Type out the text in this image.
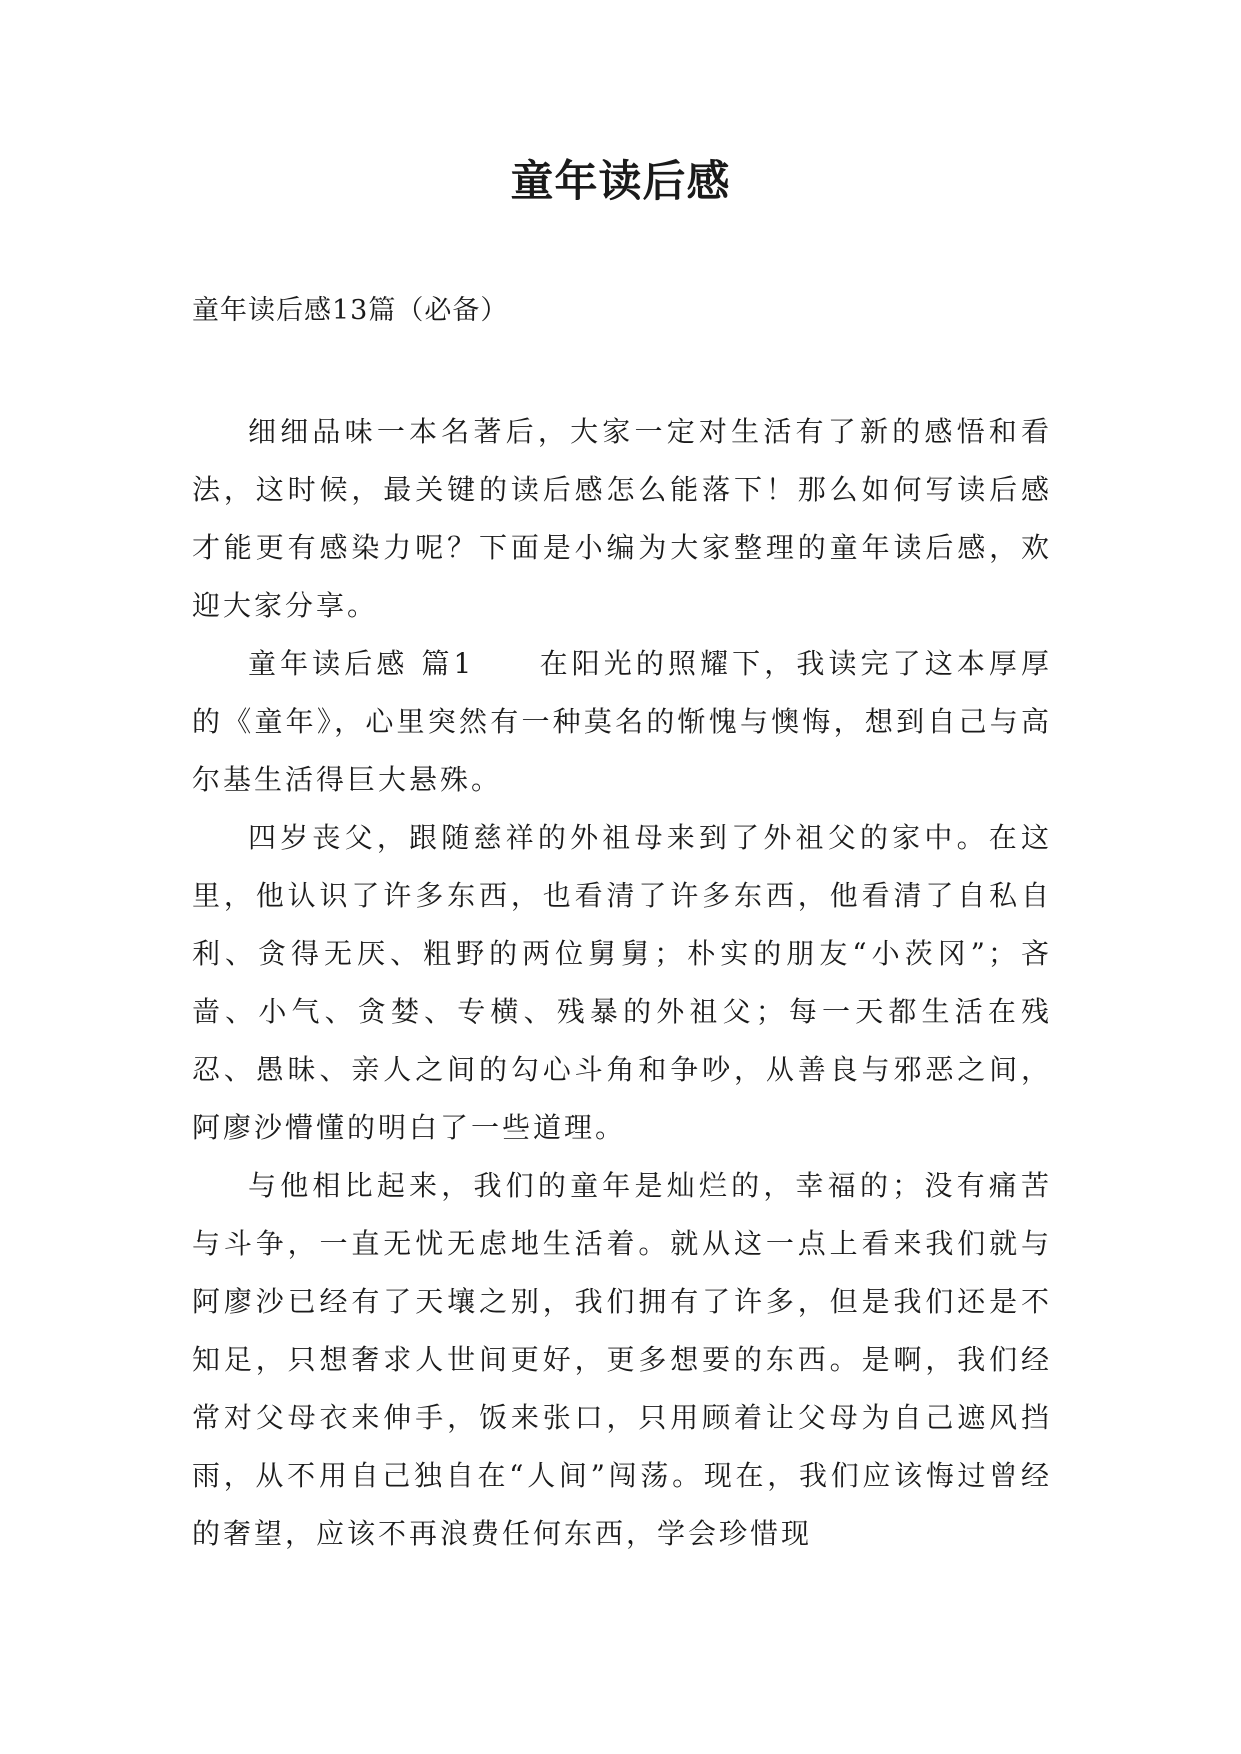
童年读后感

童年读后感13篇（必备）

细细品味一本名著后，大家一定对生活有了新的感悟和看法，这时候，最关键的读后感怎么能落下！那么如何写读后感才能更有感染力呢？下面是小编为大家整理的童年读后感，欢迎大家分享。

童年读后感 篇1　　在阳光的照耀下，我读完了这本厚厚的《童年》，心里突然有一种莫名的惭愧与懊悔，想到自己与高尔基生活得巨大悬殊。

四岁丧父，跟随慈祥的外祖母来到了外祖父的家中。在这里，他认识了许多东西，也看清了许多东西，他看清了自私自利、贪得无厌、粗野的两位舅舅；朴实的朋友“小茨冈”；吝啬、小气、贪婪、专横、残暴的外祖父；每一天都生活在残忍、愚昧、亲人之间的勾心斗角和争吵，从善良与邪恶之间，阿廖沙懵懂的明白了一些道理。

与他相比起来，我们的童年是灿烂的，幸福的；没有痛苦与斗争，一直无忧无虑地生活着。就从这一点上看来我们就与阿廖沙已经有了天壤之别，我们拥有了许多，但是我们还是不知足，只想奢求人世间更好，更多想要的东西。是啊，我们经常对父母衣来伸手，饭来张口，只用顾着让父母为自己遮风挡雨，从不用自己独自在“人间”闯荡。现在，我们应该悔过曾经的奢望，应该不再浪费任何东西，学会珍惜现
